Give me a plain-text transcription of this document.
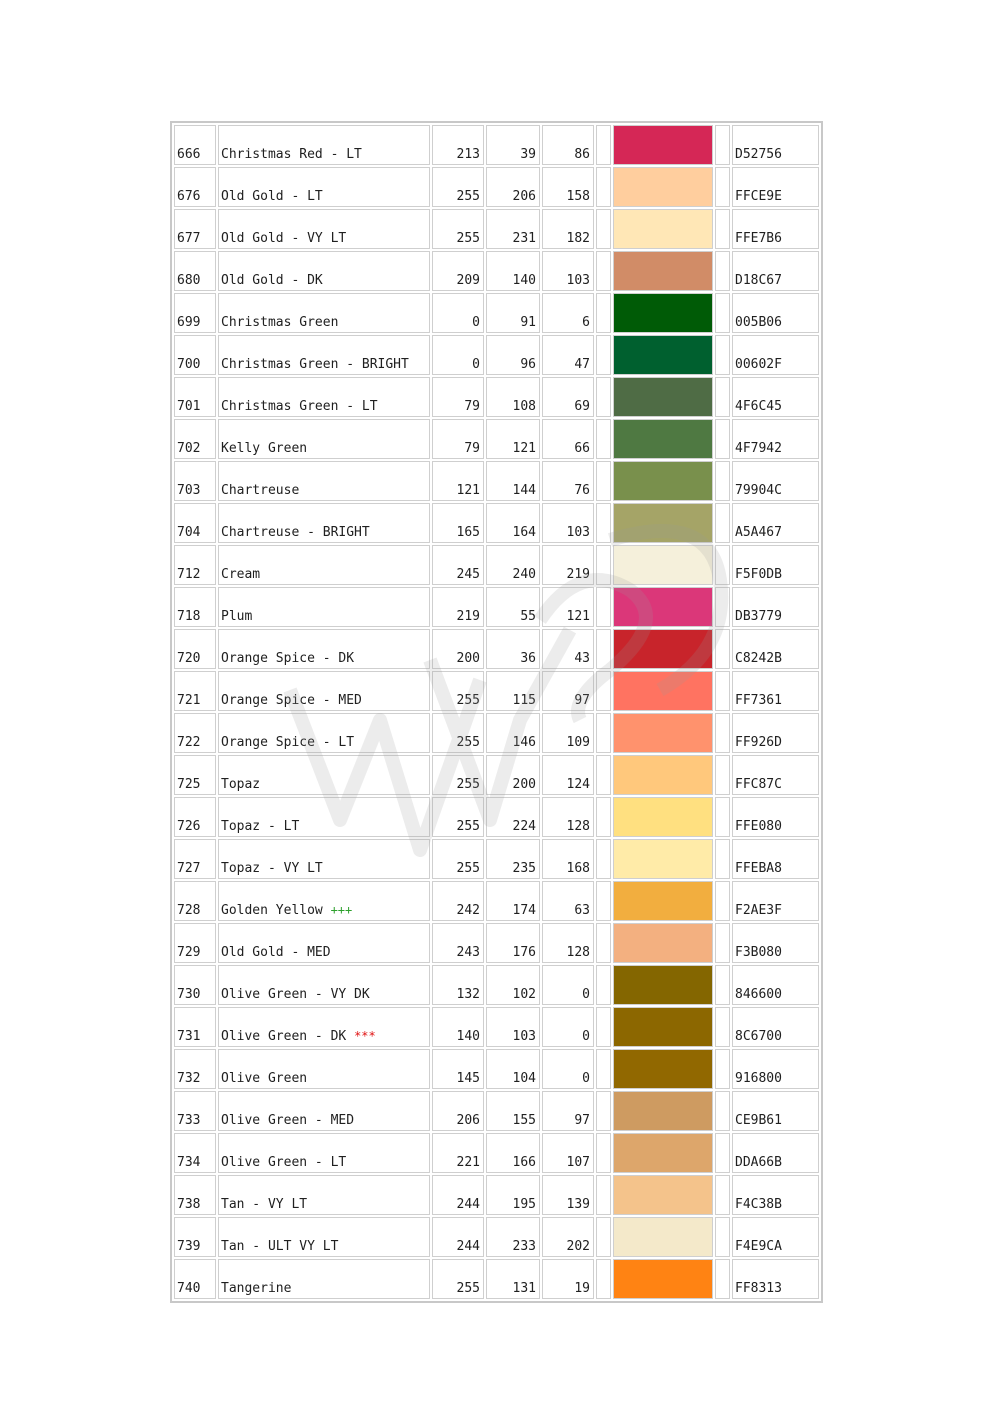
666	Christmas Red - LT	213	39	86				D52756
676	Old Gold - LT	255	206	158				FFCE9E
677	Old Gold - VY LT	255	231	182				FFE7B6
680	Old Gold - DK	209	140	103				D18C67
699	Christmas Green	0	91	6				005B06
700	Christmas Green - BRIGHT	0	96	47				00602F
701	Christmas Green - LT	79	108	69				4F6C45
702	Kelly Green	79	121	66				4F7942
703	Chartreuse	121	144	76				79904C
704	Chartreuse - BRIGHT	165	164	103				A5A467
712	Cream	245	240	219				F5F0DB
718	Plum	219	55	121				DB3779
720	Orange Spice - DK	200	36	43				C8242B
721	Orange Spice - MED	255	115	97				FF7361
722	Orange Spice - LT	255	146	109				FF926D
725	Topaz	255	200	124				FFC87C
726	Topaz - LT	255	224	128				FFE080
727	Topaz - VY LT	255	235	168				FFEBA8
728	Golden Yellow +++	242	174	63				F2AE3F
729	Old Gold - MED	243	176	128				F3B080
730	Olive Green - VY DK	132	102	0				846600
731	Olive Green - DK ***	140	103	0				8C6700
732	Olive Green	145	104	0				916800
733	Olive Green - MED	206	155	97				CE9B61
734	Olive Green - LT	221	166	107				DDA66B
738	Tan - VY LT	244	195	139				F4C38B
739	Tan - ULT VY LT	244	233	202				F4E9CA
740	Tangerine	255	131	19				FF8313
